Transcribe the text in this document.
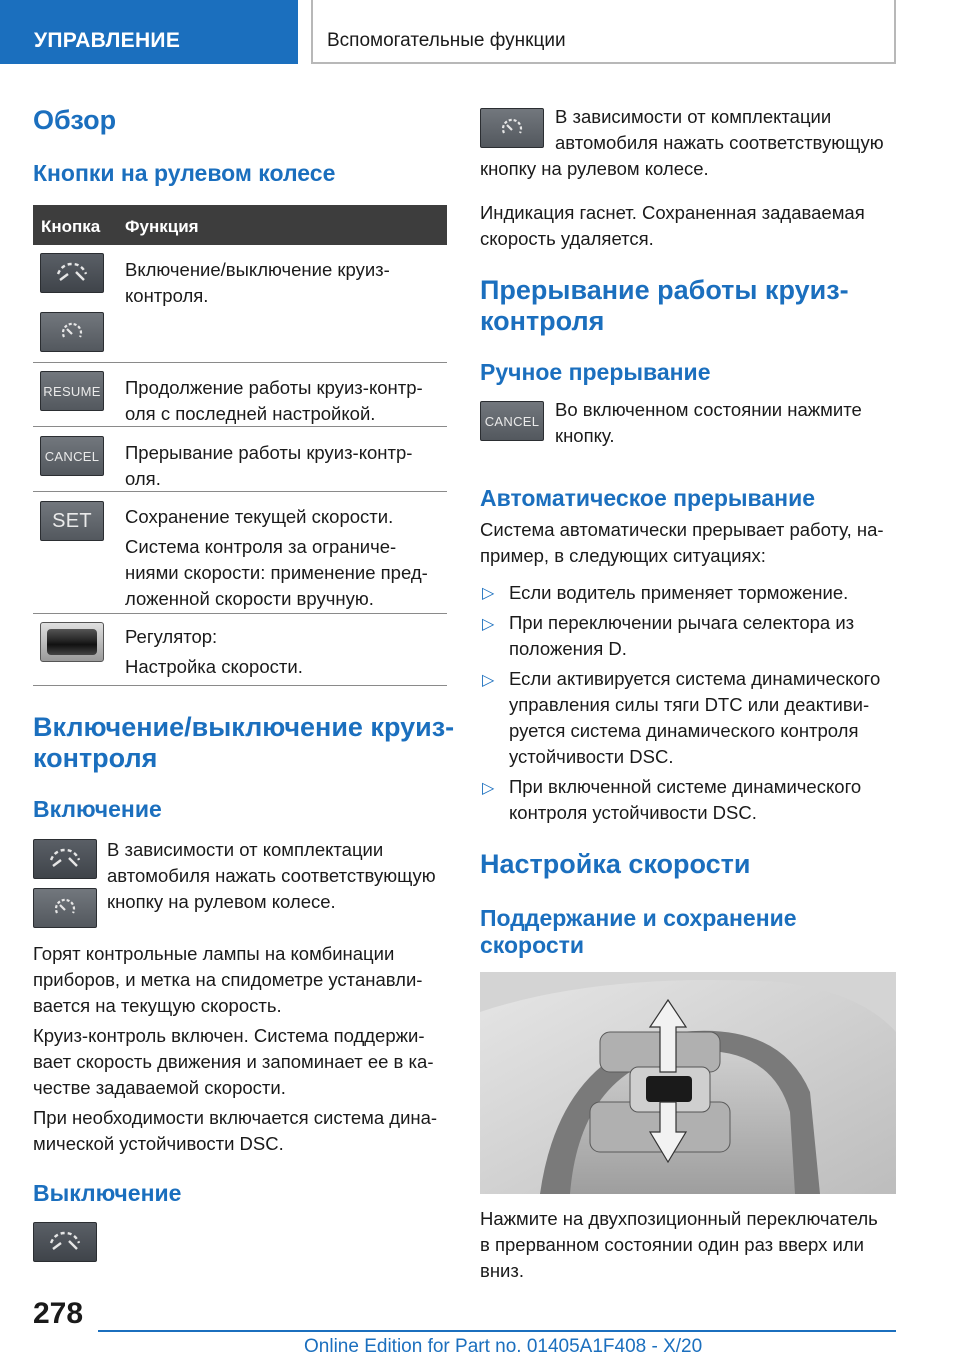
УПРАВЛЕНИЕ	Вспомогательные функции
Обзор
Кнопки на рулевом колесе
Кнопка Функция
Включение/выключение круиз-
контроля.
RESUME Продолжение работы круиз-контр-
оля с последней настройкой.
CANCEL Прерывание работы круиз-контр-
оля.
SET Сохранение текущей скорости.
Система контроля за ограниче-
ниями скорости: применение пред-
ложенной скорости вручную.
Регулятор:
Настройка скорости.
Включение/выключение круиз-
контроля
Включение
В зависимости от комплектации
автомобиля нажать соответствующую
кнопку на рулевом колесе.
Горят контрольные лампы на комбинации
приборов, и метка на спидометре устанавли-
вается на текущую скорость.
Круиз-контроль включен. Система поддержи-
вает скорость движения и запоминает ее в ка-
честве задаваемой скорости.
При необходимости включается система дина-
мической устойчивости DSC.
Выключение
В зависимости от комплектации
автомобиля нажать соответствующую
кнопку на рулевом колесе.
Индикация гаснет. Сохраненная задаваемая
скорость удаляется.
Прерывание работы круиз-
контроля
Ручное прерывание
CANCEL
Во включенном состоянии нажмите
кнопку.
Автоматическое прерывание
Система автоматически прерывает работу, на-
пример, в следующих ситуациях:
▷ Если водитель применяет торможение.
▷ При переключении рычага селектора из
положения D.
▷ Если активируется система динамического
управления силы тяги DTC или деактиви-
руется система динамического контроля
устойчивости DSC.
▷ При включенной системе динамического
контроля устойчивости DSC.
Настройка скорости
Поддержание и сохранение
скорости
Нажмите на двухпозиционный переключатель
в прерванном состоянии один раз вверх или
вниз.
278
Online Edition for Part no. 01405A1F408 - X/20
